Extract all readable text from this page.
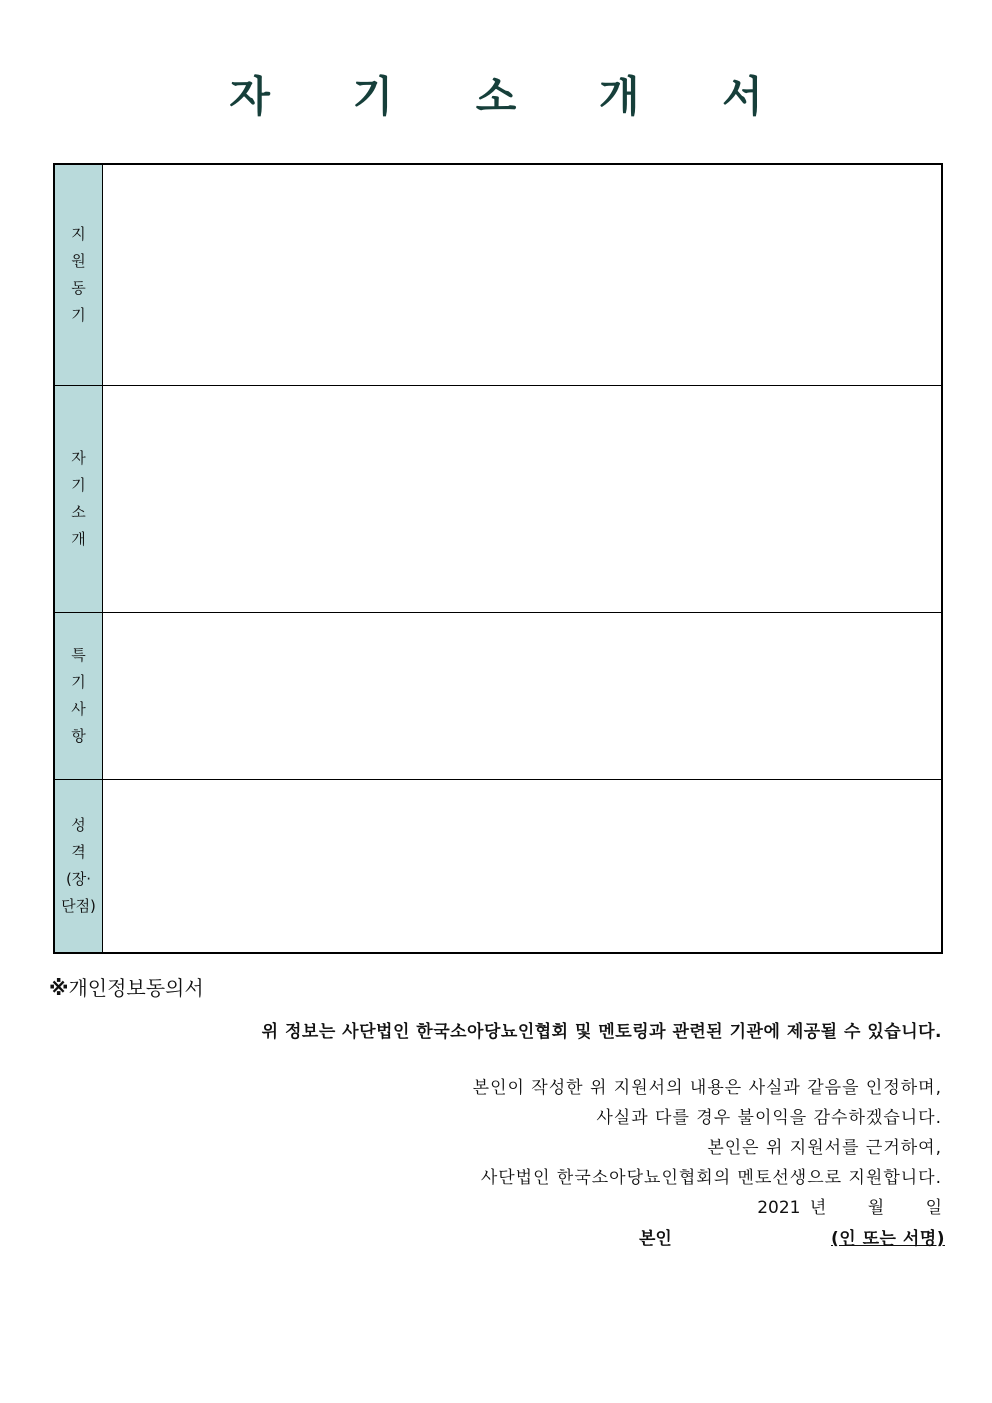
자 기 소 개 서
지
원
동
기
자
기
소
개
특
기
사
항
성
격
(장·
단점)
※개인정보동의서
위 정보는 사단법인 한국소아당뇨인협회 및 멘토링과 관련된 기관에 제공될 수 있습니다.
본인이 작성한 위 지원서의 내용은 사실과 같음을 인정하며,
사실과 다를 경우 불이익을 감수하겠습니다.
본인은 위 지원서를 근거하여,
사단법인 한국소아당뇨인협회의 멘토선생으로 지원합니다.
2021 년 월 일
본인	(인 또는 서명)
